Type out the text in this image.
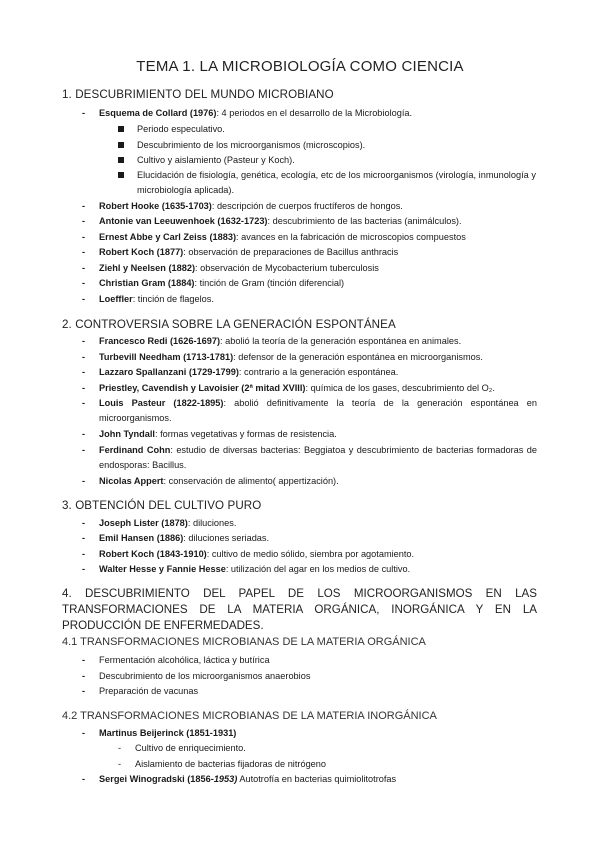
TEMA 1. LA MICROBIOLOGÍA COMO CIENCIA
1. DESCUBRIMIENTO DEL MUNDO MICROBIANO
- Esquema de Collard (1976): 4 periodos en el desarrollo de la Microbiología.
Periodo especulativo.
Descubrimiento de los microorganismos (microscopios).
Cultivo y aislamiento (Pasteur y Koch).
Elucidación de fisiología, genética, ecología, etc de los microorganismos (virología, inmunología y microbiología aplicada).
- Robert Hooke (1635-1703): descripción de cuerpos fructíferos de hongos.
- Antonie van Leeuwenhoek (1632-1723): descubrimiento de las bacterias (animálculos).
- Ernest Abbe y Carl Zeiss (1883): avances en la fabricación de microscopios compuestos
- Robert Koch (1877): observación de preparaciones de Bacillus anthracis
- Ziehl y Neelsen (1882): observación de Mycobacterium tuberculosis
- Christian Gram (1884): tinción de Gram (tinción diferencial)
- Loeffler: tinción de flagelos.
2. CONTROVERSIA SOBRE LA GENERACIÓN ESPONTÁNEA
- Francesco Redi (1626-1697): abolió la teoría de la generación espontánea en animales.
- Turbevill Needham (1713-1781): defensor de la generación espontánea en microorganismos.
- Lazzaro Spallanzani (1729-1799): contrario a la generación espontánea.
- Priestley, Cavendish y Lavoisier (2ª mitad XVIII): química de los gases, descubrimiento del O₂.
- Louis Pasteur (1822-1895): abolió definitivamente la teoría de la generación espontánea en microorganismos.
- John Tyndall: formas vegetativas y formas de resistencia.
- Ferdinand Cohn: estudio de diversas bacterias: Beggiatoa y descubrimiento de bacterias formadoras de endosporas: Bacillus.
- Nicolas Appert: conservación de alimento( appertización).
3. OBTENCIÓN DEL CULTIVO PURO
- Joseph Lister (1878): diluciones.
- Emil Hansen (1886): diluciones seriadas.
- Robert Koch (1843-1910): cultivo de medio sólido, siembra por agotamiento.
- Walter Hesse y Fannie Hesse: utilización del agar en los medios de cultivo.
4. DESCUBRIMIENTO DEL PAPEL DE LOS MICROORGANISMOS EN LAS TRANSFORMACIONES DE LA MATERIA ORGÁNICA, INORGÁNICA Y EN LA PRODUCCIÓN DE ENFERMEDADES.
4.1 TRANSFORMACIONES MICROBIANAS DE LA MATERIA ORGÁNICA
- Fermentación alcohólica, láctica y butírica
- Descubrimiento de los microorganismos anaerobios
- Preparación de vacunas
4.2 TRANSFORMACIONES MICROBIANAS DE LA MATERIA INORGÁNICA
- Martinus Beijerinck (1851-1931)
- Cultivo de enriquecimiento.
- Aislamiento de bacterias fijadoras de nitrógeno
- Sergei Winogradski (1856-1953) Autotrofía en bacterias quimiolitotrofas
